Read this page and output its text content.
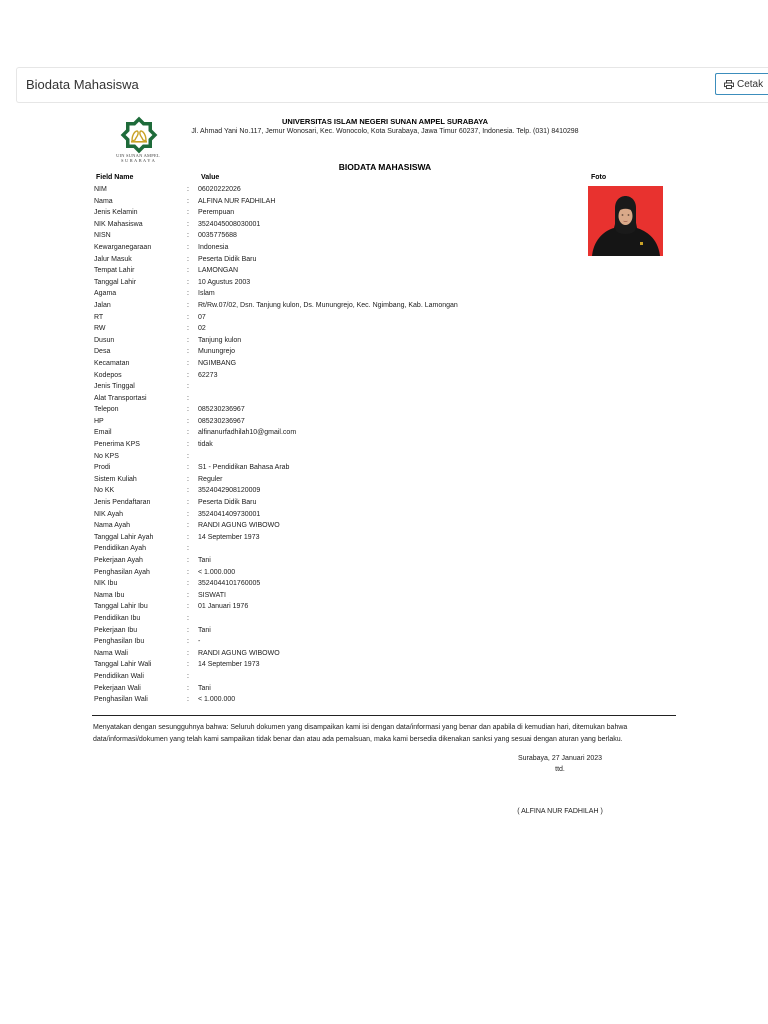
Biodata Mahasiswa	Cetak
UIN SUNAN AMPEL
S U R A B A Y A
UNIVERSITAS ISLAM NEGERI SUNAN AMPEL SURABAYA
Jl. Ahmad Yani No.117, Jemur Wonosari, Kec. Wonocolo, Kota Surabaya, Jawa Timur 60237, Indonesia. Telp. (031) 8410298
BIODATA MAHASISWA
Field Name	Value	Foto
NIM	: 06020222026
Nama	: ALFINA NUR FADHILAH
Jenis Kelamin	: Perempuan
NIK Mahasiswa	: 3524045008030001
NISN	: 0035775688
Kewarganegaraan	: Indonesia
Jalur Masuk	: Peserta Didik Baru
Tempat Lahir	: LAMONGAN
Tanggal Lahir	: 10 Agustus 2003
Agama	: Islam
Jalan	: Rt/Rw.07/02, Dsn. Tanjung kulon, Ds. Munungrejo, Kec. Ngimbang, Kab. Lamongan
RT	: 07
RW	: 02
Dusun	: Tanjung kulon
Desa	: Munungrejo
Kecamatan	: NGIMBANG
Kodepos	: 62273
Jenis Tinggal	:
Alat Transportasi	:
Telepon	: 085230236967
HP	: 085230236967
Email	: alfinanurfadhilah10@gmail.com
Penerima KPS	: tidak
No KPS	:
Prodi	: S1 - Pendidikan Bahasa Arab
Sistem Kuliah	: Reguler
No KK	: 3524042908120009
Jenis Pendaftaran	: Peserta Didik Baru
NIK Ayah	: 3524041409730001
Nama Ayah	: RANDI AGUNG WIBOWO
Tanggal Lahir Ayah	: 14 September 1973
Pendidikan Ayah	:
Pekerjaan Ayah	: Tani
Penghasilan Ayah	: < 1.000.000
NIK Ibu	: 3524044101760005
Nama Ibu	: SISWATI
Tanggal Lahir Ibu	: 01 Januari 1976
Pendidikan Ibu	:
Pekerjaan Ibu	: Tani
Penghasilan Ibu	: -
Nama Wali	: RANDI AGUNG WIBOWO
Tanggal Lahir Wali	: 14 September 1973
Pendidikan Wali	:
Pekerjaan Wali	: Tani
Penghasilan Wali	: < 1.000.000
Menyatakan dengan sesungguhnya bahwa: Seluruh dokumen yang disampaikan kami isi dengan data/informasi yang benar dan apabila di kemudian hari, ditemukan bahwa data/informasi/dokumen yang telah kami sampaikan tidak benar dan atau ada pemalsuan, maka kami bersedia dikenakan sanksi yang sesuai dengan aturan yang berlaku.
Surabaya, 27 Januari 2023
ttd.
( ALFINA NUR FADHILAH )
